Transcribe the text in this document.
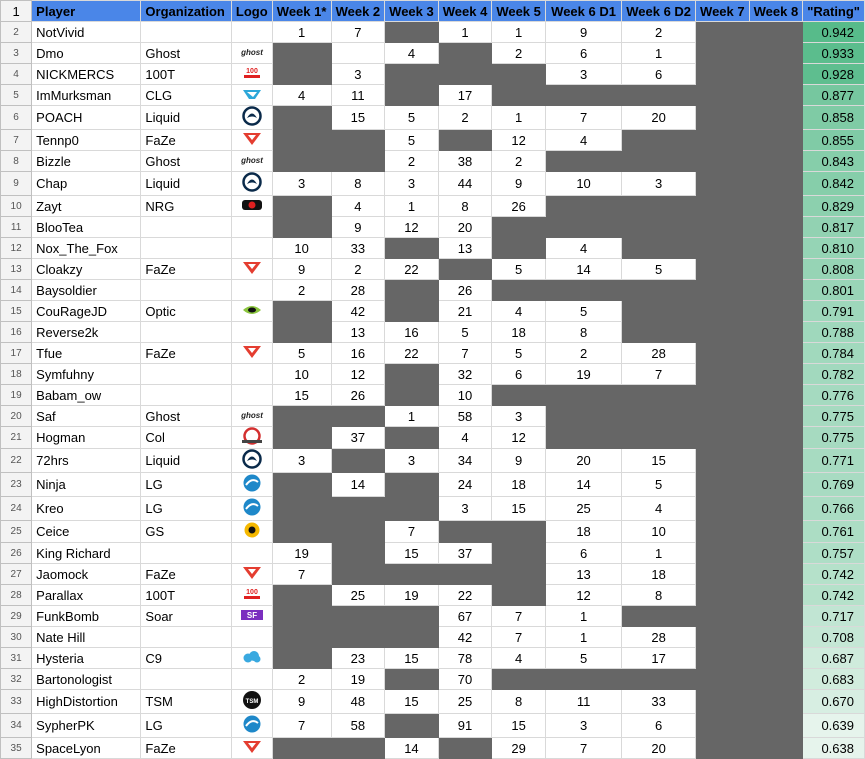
1	Player	Organization	Logo	Week 1*	Week 2	Week 3	Week 4	Week 5	Week 6 D1	Week 6 D2	Week 7	Week 8	"Rating"
2	NotVivid			1	7		1	1	9	2			0.942
3	Dmo	Ghost	ghost			4		2	6	1			0.933
4	NICKMERCS	100T	100		3				3	6			0.928
5	ImMurksman	CLG		4	11		17						0.877
6	POACH	Liquid			15	5	2	1	7	20			0.858
7	Tennp0	FaZe				5		12	4				0.855
8	Bizzle	Ghost	ghost			2	38	2					0.843
9	Chap	Liquid		3	8	3	44	9	10	3			0.842
10	Zayt	NRG			4	1	8	26					0.829
11	BlooTea				9	12	20						0.817
12	Nox_The_Fox			10	33		13		4				0.810
13	Cloakzy	FaZe		9	2	22		5	14	5			0.808
14	Baysoldier			2	28		26						0.801
15	CouRageJD	Optic			42		21	4	5				0.791
16	Reverse2k				13	16	5	18	8				0.788
17	Tfue	FaZe		5	16	22	7	5	2	28			0.784
18	Symfuhny			10	12		32	6	19	7			0.782
19	Babam_ow			15	26		10						0.776
20	Saf	Ghost	ghost			1	58	3					0.775
21	Hogman	Col			37		4	12					0.775
22	72hrs	Liquid		3		3	34	9	20	15			0.771
23	Ninja	LG			14		24	18	14	5			0.769
24	Kreo	LG					3	15	25	4			0.766
25	Ceice	GS				7			18	10			0.761
26	King Richard			19		15	37		6	1			0.757
27	Jaomock	FaZe		7					13	18			0.742
28	Parallax	100T	100		25	19	22		12	8			0.742
29	FunkBomb	Soar	SF				67	7	1				0.717
30	Nate Hill						42	7	1	28			0.708
31	Hysteria	C9			23	15	78	4	5	17			0.687
32	Bartonologist			2	19		70						0.683
33	HighDistortion	TSM	TSM	9	48	15	25	8	11	33			0.670
34	SypherPK	LG		7	58		91	15	3	6			0.639
35	SpaceLyon	FaZe				14		29	7	20			0.638
